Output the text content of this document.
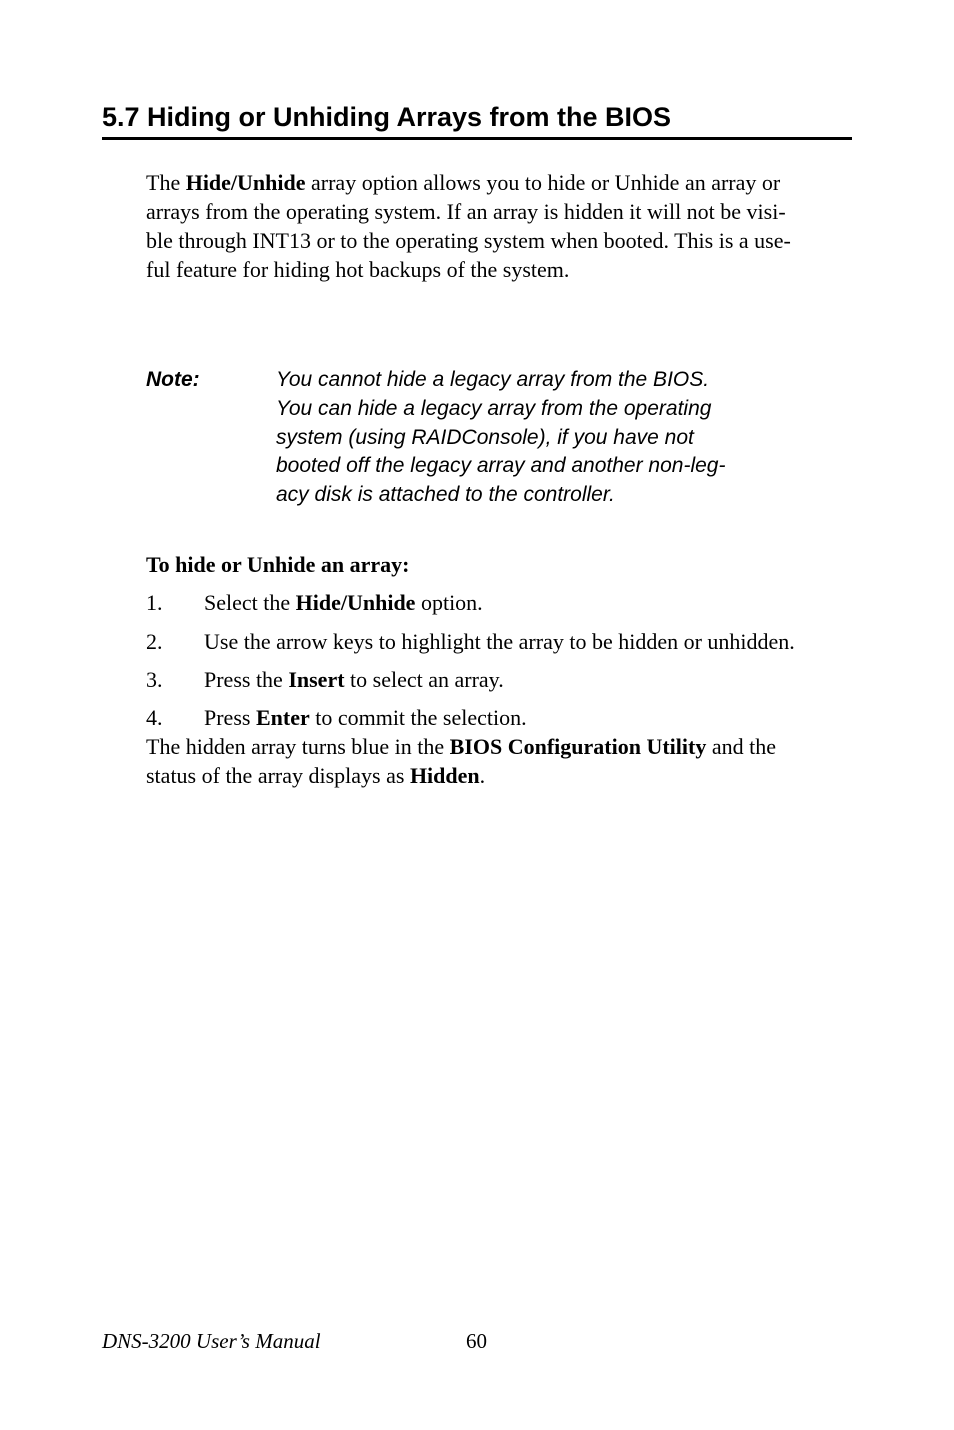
5.7 Hiding or Unhiding Arrays from the BIOS

The Hide/Unhide array option allows you to hide or Unhide an array or
arrays from the operating system. If an array is hidden it will not be visi-
ble through INT13 or to the operating system when booted. This is a use-
ful feature for hiding hot backups of the system.

Note:	You cannot hide a legacy array from the BIOS.
You can hide a legacy array from the operating
system (using RAIDConsole), if you have not
booted off the legacy array and another non-leg-
acy disk is attached to the controller.

To hide or Unhide an array:
1. Select the Hide/Unhide option.
2. Use the arrow keys to highlight the array to be hidden or unhidden.
3. Press the Insert to select an array.
4. Press Enter to commit the selection.

The hidden array turns blue in the BIOS Configuration Utility and the
status of the array displays as Hidden.

DNS-3200 User’s Manual	60
